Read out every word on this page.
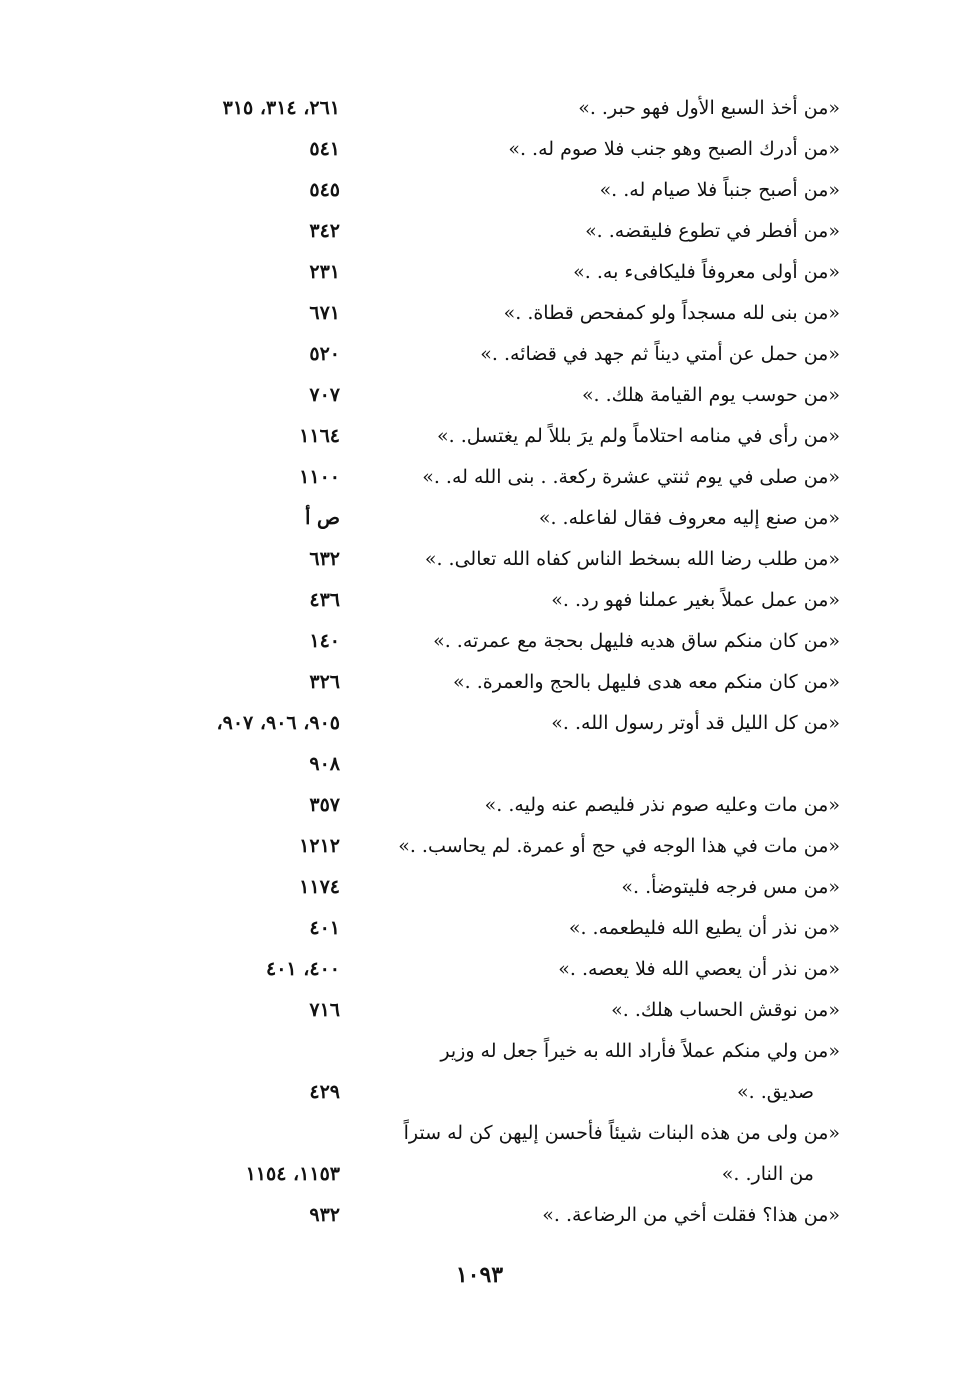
«من أخذ السبع الأول فهو حبر. .»
٢٦١، ٣١٤، ٣١٥
«من أدرك الصبح وهو جنب فلا صوم له. .»
٥٤١
«من أصبح جنباً فلا صيام له. .»
٥٤٥
«من أفطر في تطوع فليقضه. .»
٣٤٢
«من أولى معروفاً فليكافىء به. .»
٢٣١
«من بنى لله مسجداً ولو كمفحص قطاة. .»
٦٧١
«من حمل عن أمتي ديناً ثم جهد في قضائه. .»
٥٢٠
«من حوسب يوم القيامة هلك. .»
٧٠٧
«من رأى في منامه احتلاماً ولم يرَ بللاً لم يغتسل. .»
١١٦٤
«من صلى في يوم ثنتي عشرة ركعة. . بنى الله له. .»
١١٠٠
«من صنع إليه معروف فقال لفاعله. .»
ص أ
«من طلب رضا الله بسخط الناس كفاه الله تعالى. .»
٦٣٢
«من عمل عملاً بغير عملنا فهو رد. .»
٤٣٦
«من كان منكم ساق هديه فليهل بحجة مع عمرته. .»
١٤٠
«من كان منكم معه هدى فليهل بالحج والعمرة. .»
٣٢٦
«من كل الليل قد أوتر رسول الله. .»
٩٠٥، ٩٠٦، ٩٠٧،
٩٠٨
«من مات وعليه صوم نذر فليصم عنه وليه. .»
٣٥٧
«من مات في هذا الوجه في حج أو عمرة. لم يحاسب. .»
١٢١٢
«من مس فرجه فليتوضأ. .»
١١٧٤
«من نذر أن يطيع الله فليطعمه. .»
٤٠١
«من نذر أن يعصي الله فلا يعصه. .»
٤٠٠، ٤٠١
«من نوقش الحساب هلك. .»
٧١٦
«من ولي منكم عملاً فأراد الله به خيراً جعل له وزير
صديق. .»
٤٢٩
«من ولى من هذه البنات شيئاً فأحسن إليهن كن له ستراً
من النار. .»
١١٥٣، ١١٥٤
«من هذا؟ فقلت أخي من الرضاعة. .»
٩٣٢
١٠٩٣
